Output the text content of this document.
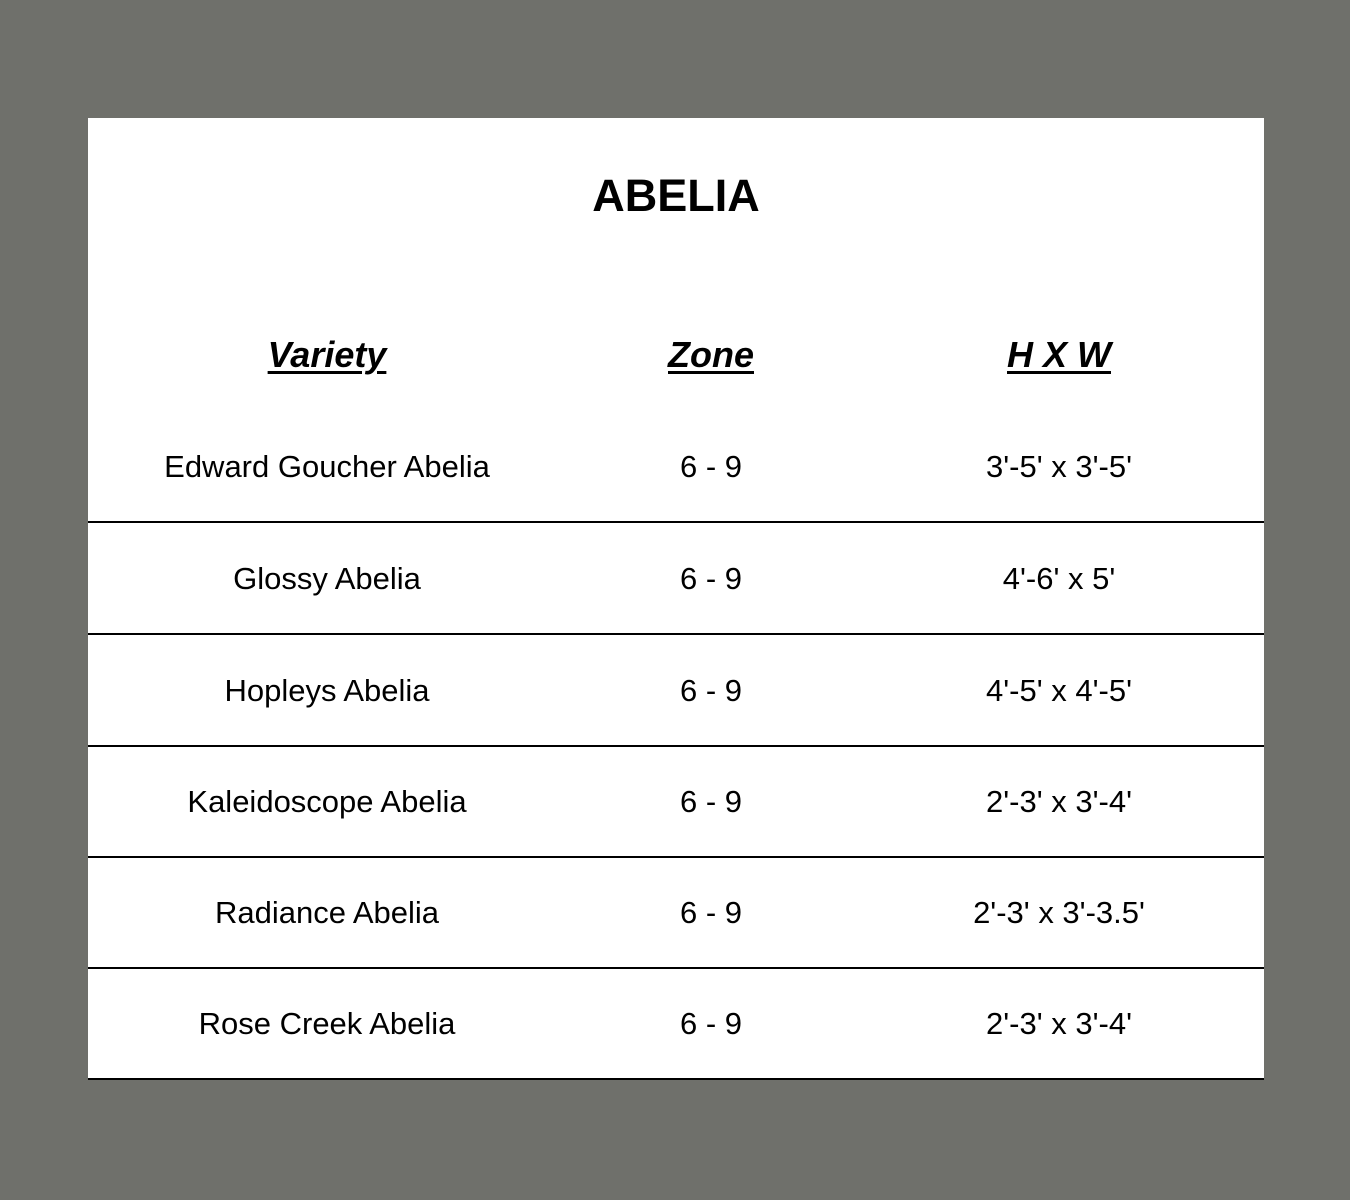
ABELIA
Variety	Zone	H X W
Edward Goucher Abelia	6 - 9	3'-5' x 3'-5'
Glossy Abelia	6 - 9	4'-6' x 5'
Hopleys Abelia	6 - 9	4'-5' x 4'-5'
Kaleidoscope Abelia	6 - 9	2'-3' x 3'-4'
Radiance Abelia	6 - 9	2'-3' x 3'-3.5'
Rose Creek Abelia	6 - 9	2'-3' x 3'-4'
